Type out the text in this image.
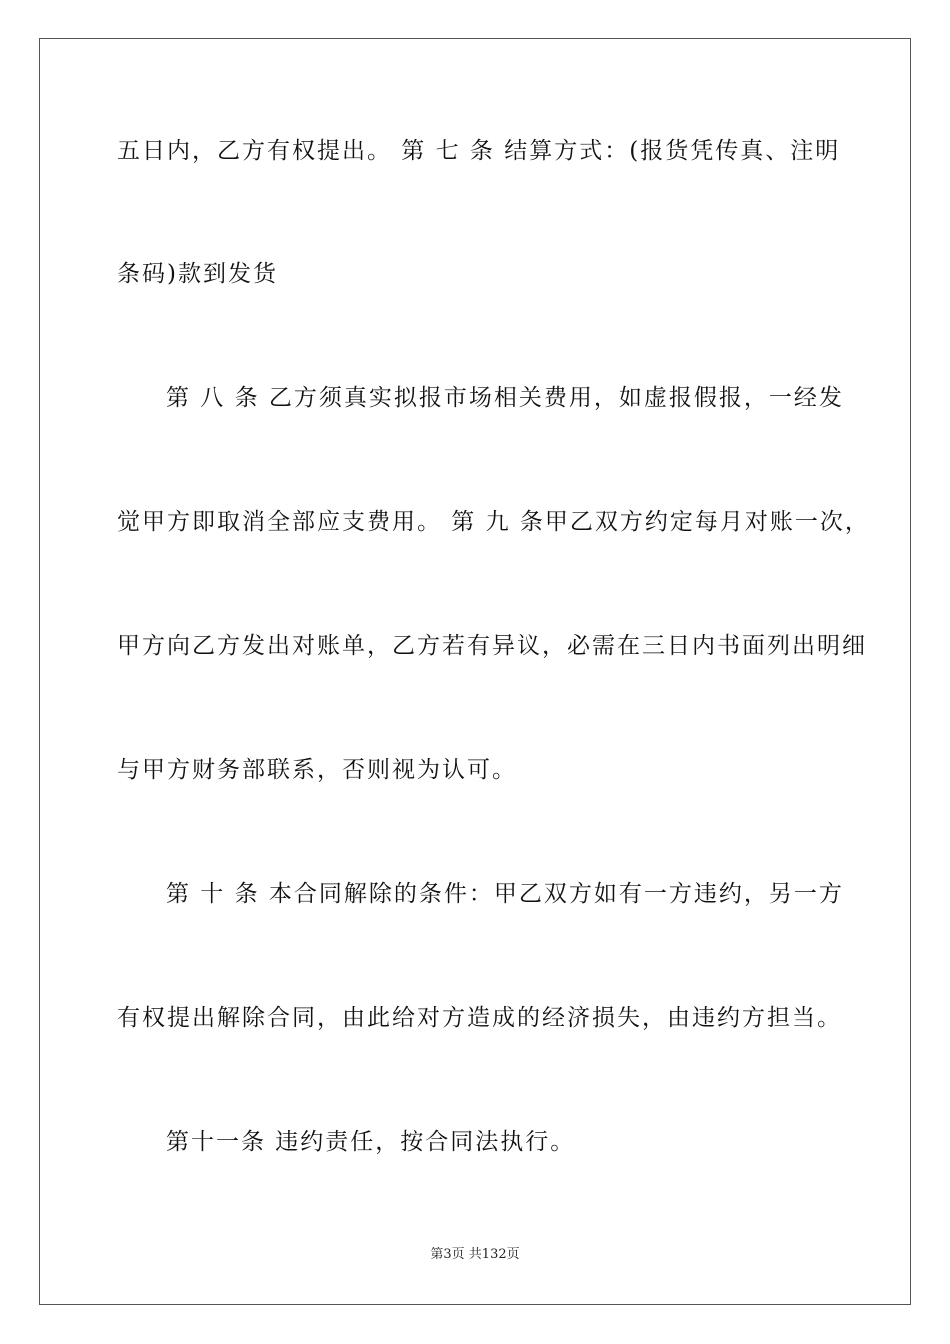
五日内，乙方有权提出。 第 七 条 结算方式：(报货凭传真、注明
条码)款到发货
第 八 条 乙方须真实拟报市场相关费用，如虚报假报，一经发
觉甲方即取消全部应支费用。 第 九 条甲乙双方约定每月对账一次，
甲方向乙方发出对账单，乙方若有异议，必需在三日内书面列出明细
与甲方财务部联系，否则视为认可。
第 十 条 本合同解除的条件：甲乙双方如有一方违约，另一方
有权提出解除合同，由此给对方造成的经济损失，由违约方担当。
第十一条 违约责任，按合同法执行。
第3页 共132页
